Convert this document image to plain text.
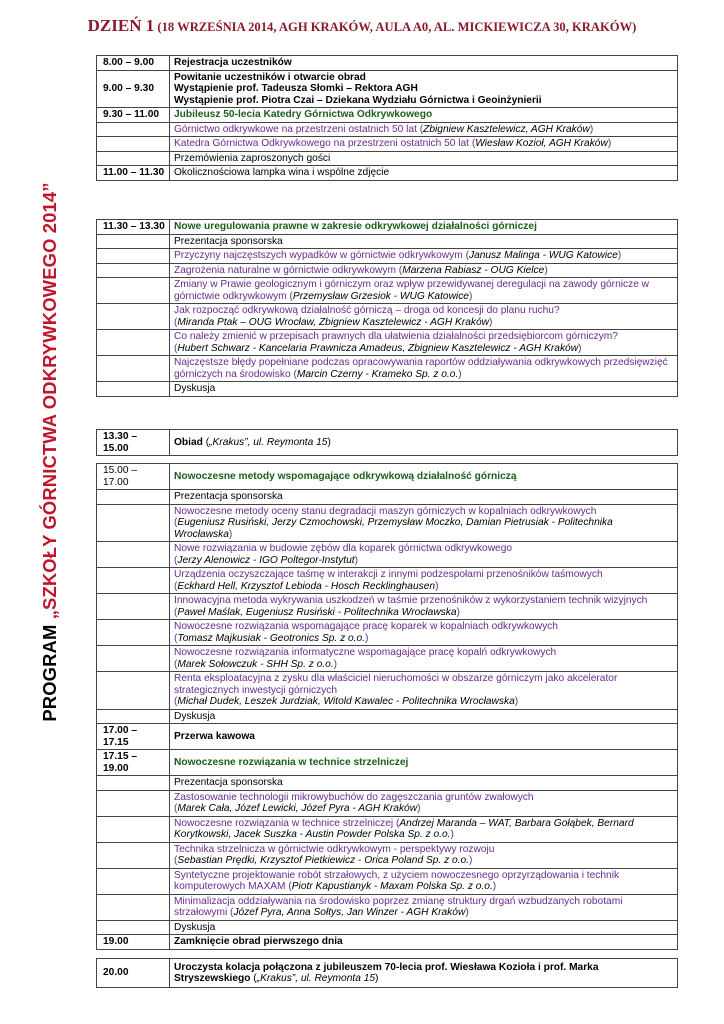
DZIEŃ 1 (18 WRZEŚNIA 2014, AGH KRAKÓW, AULA A0, AL. MICKIEWICZA 30, KRAKÓW)
PROGRAM „SZKOŁY GÓRNICTWA ODKRYWKOWEGO 2014”
8.00 – 9.00	Rejestracja uczestników
9.00 – 9.30	Powitanie uczestników i otwarcie obrad
Wystąpienie prof. Tadeusza Słomki – Rektora AGH
Wystąpienie prof. Piotra Czai – Dziekana Wydziału Górnictwa i Geoinżynierii

9.30 – 11.00	Jubileusz 50-lecia Katedry Górnictwa Odkrywkowego
	Górnictwo odkrywkowe na przestrzeni ostatnich 50 lat (Zbigniew Kasztelewicz, AGH Kraków)
	Katedra Górnictwa Odkrywkowego na przestrzeni ostatnich 50 lat (Wiesław Kozioł, AGH Kraków)
	Przemówienia zaproszonych gości
11.00 – 11.30	Okolicznościowa lampka wina i wspólne zdjęcie
11.30 – 13.30	Nowe uregulowania prawne w zakresie odkrywkowej działalności górniczej
	Prezentacja sponsorska
	Przyczyny najczęstszych wypadków w górnictwie odkrywkowym (Janusz Malinga - WUG Katowice)
	Zagrożenia naturalne w górnictwie odkrywkowym (Marzena Rabiasz - OUG Kielce)
	Zmiany w Prawie geologicznym i górniczym oraz wpływ przewidywanej deregulacji na zawody górnicze w górnictwie odkrywkowym (Przemysław Grzesiok - WUG Katowice)
	Jak rozpocząć odkrywkową działalność górniczą – droga od koncesji do planu ruchu?
(Miranda Ptak – OUG Wrocław, Zbigniew Kasztelewicz - AGH Kraków)
	Co należy zmienić w przepisach prawnych dla ułatwienia działalności przedsiębiorcom górniczym?
(Hubert Schwarz - Kancelaria Prawnicza Amadeus, Zbigniew Kasztelewicz - AGH Kraków)
	Najczęstsze błędy popełniane podczas opracowywania raportów oddziaływania odkrywkowych przedsięwzięć górniczych na środowisko (Marcin Czerny - Krameko Sp. z o.o.)
	Dyskusja
13.30 – 15.00	Obiad („Krakus”, ul. Reymonta 15)
15.00 – 17.00	Nowoczesne metody wspomagające odkrywkową działalność górniczą
	Prezentacja sponsorska
	Nowoczesne metody oceny stanu degradacji maszyn górniczych w kopalniach odkrywkowych
(Eugeniusz Rusiński, Jerzy Czmochowski, Przemysław Moczko, Damian Pietrusiak - Politechnika Wrocławska)
	Nowe rozwiązania w budowie zębów dla koparek górnictwa odkrywkowego
(Jerzy Alenowicz - IGO Poltegor-Instytut)
	Urządzenia oczyszczające taśmę w interakcji z innymi podzespołami przenośników taśmowych
(Eckhard Hell, Krzysztof Lebioda - Hosch Recklinghausen)
	Innowacyjna metoda wykrywania uszkodzeń w taśmie przenośników z wykorzystaniem technik wizyjnych (Paweł Maślak, Eugeniusz Rusiński - Politechnika Wrocławska)
	Nowoczesne rozwiązania wspomagające pracę koparek w kopalniach odkrywkowych
(Tomasz Majkusiak - Geotronics Sp. z o.o.)
	Nowoczesne rozwiązania informatyczne wspomagające pracę kopalń odkrywkowych
(Marek Sołowczuk - SHH Sp. z o.o.)
	Renta eksploatacyjna z zysku dla właściciel nieruchomości w obszarze górniczym jako akcelerator strategicznych inwestycji górniczych
(Michał Dudek, Leszek Jurdziak, Witold Kawalec - Politechnika Wrocławska)
	Dyskusja
17.00 – 17.15	Przerwa kawowa
17.15 – 19.00	Nowoczesne rozwiązania w technice strzelniczej
	Prezentacja sponsorska
	Zastosowanie technologii mikrowybuchów do zagęszczania gruntów zwałowych
(Marek Cała, Józef Lewicki, Józef Pyra - AGH Kraków)
	Nowoczesne rozwiązania w technice strzelniczej (Andrzej Maranda – WAT, Barbara Gołąbek, Bernard Korytkowski, Jacek Suszka - Austin Powder Polska Sp. z o.o.)
	Technika strzelnicza w górnictwie odkrywkowym - perspektywy rozwoju
(Sebastian Prędki, Krzysztof Pietkiewicz - Orica Poland Sp. z o.o.)
	Syntetyczne projektowanie robót strzałowych, z użyciem nowoczesnego oprzyrządowania i technik komputerowych MAXAM (Piotr Kapustianyk - Maxam Polska Sp. z o.o.)
	Minimalizacja oddziaływania na środowisko poprzez zmianę struktury drgań wzbudzanych robotami strzałowymi (Józef Pyra, Anna Sołtys, Jan Winzer - AGH Kraków)
	Dyskusja
19.00	Zamknięcie obrad pierwszego dnia
20.00	Uroczysta kolacja połączona z jubileuszem 70-lecia prof. Wiesława Kozioła i prof. Marka Stryszewskiego („Krakus”, ul. Reymonta 15)
